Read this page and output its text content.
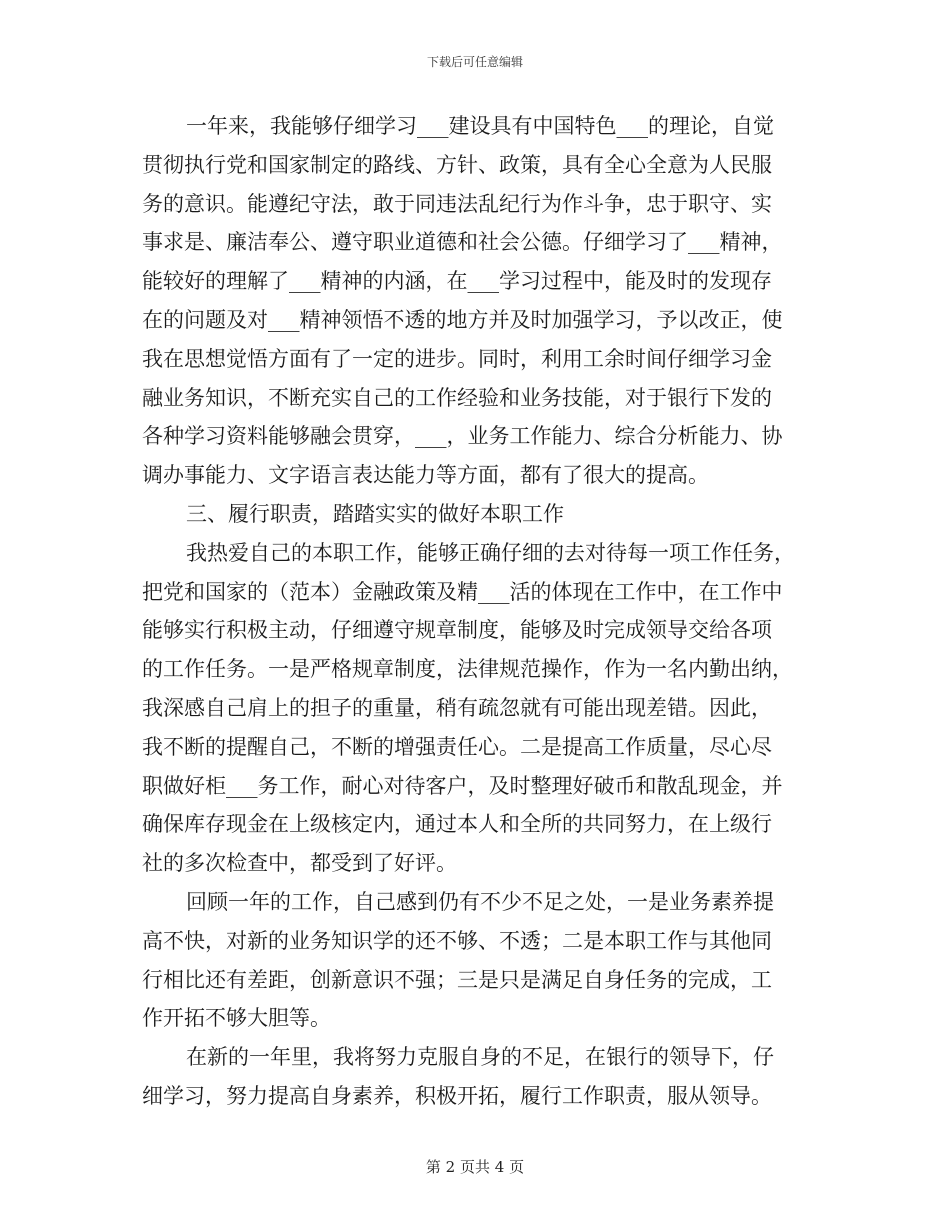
下载后可任意编辑
一年来，我能够仔细学习___建设具有中国特色___的理论，自觉
贯彻执行党和国家制定的路线、方针、政策，具有全心全意为人民服
务的意识。能遵纪守法，敢于同违法乱纪行为作斗争，忠于职守、实
事求是、廉洁奉公、遵守职业道德和社会公德。仔细学习了___精神，
能较好的理解了___精神的内涵，在___学习过程中，能及时的发现存
在的问题及对___精神领悟不透的地方并及时加强学习，予以改正，使
我在思想觉悟方面有了一定的进步。同时，利用工余时间仔细学习金
融业务知识，不断充实自己的工作经验和业务技能，对于银行下发的
各种学习资料能够融会贯穿，___，业务工作能力、综合分析能力、协
调办事能力、文字语言表达能力等方面，都有了很大的提高。
三、履行职责，踏踏实实的做好本职工作
我热爱自己的本职工作，能够正确仔细的去对待每一项工作任务，
把党和国家的（范本）金融政策及精___活的体现在工作中，在工作中
能够实行积极主动，仔细遵守规章制度，能够及时完成领导交给各项
的工作任务。一是严格规章制度，法律规范操作，作为一名内勤出纳，
我深感自己肩上的担子的重量，稍有疏忽就有可能出现差错。因此，
我不断的提醒自己，不断的增强责任心。二是提高工作质量，尽心尽
职做好柜___务工作，耐心对待客户，及时整理好破币和散乱现金，并
确保库存现金在上级核定内，通过本人和全所的共同努力，在上级行
社的多次检查中，都受到了好评。
回顾一年的工作，自己感到仍有不少不足之处，一是业务素养提
高不快，对新的业务知识学的还不够、不透；二是本职工作与其他同
行相比还有差距，创新意识不强；三是只是满足自身任务的完成，工
作开拓不够大胆等。
在新的一年里，我将努力克服自身的不足，在银行的领导下，仔
细学习，努力提高自身素养，积极开拓，履行工作职责，服从领导。
第 2 页共 4 页
